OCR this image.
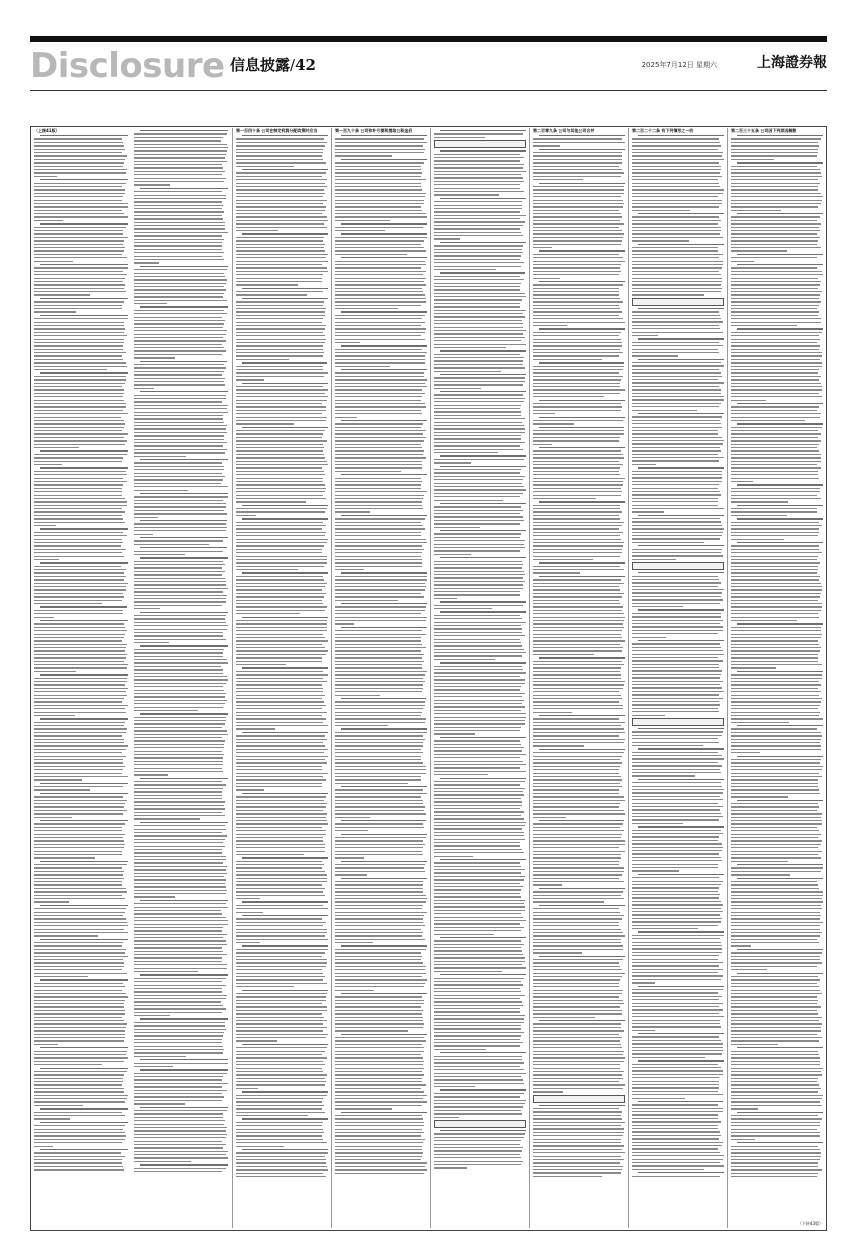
Disclosure 信息披露/42	2025年7月12日 星期六	上海證券報
（上接41版）	第一百四十条 公司在制定利润分配政策时应当	第一百九十条 公司弥补亏损和提取公积金后	第二百零九条 公司与其他公司合并	第二百二十二条 有下列情形之一的	第二百三十五条 公司因下列原因解散
（下转43版）
